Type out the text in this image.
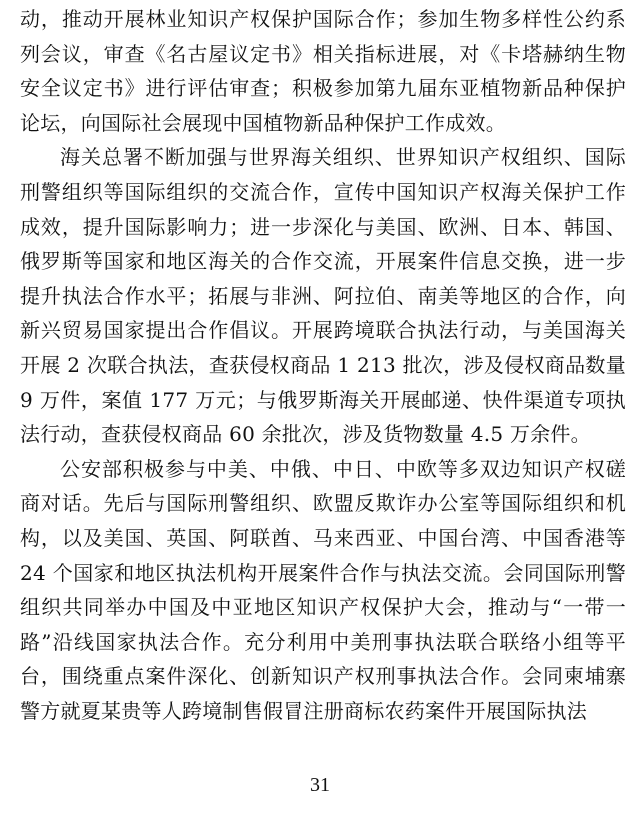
动，推动开展林业知识产权保护国际合作；参加生物多样性公约系列会议，审查《名古屋议定书》相关指标进展，对《卡塔赫纳生物安全议定书》进行评估审查；积极参加第九届东亚植物新品种保护论坛，向国际社会展现中国植物新品种保护工作成效。

海关总署不断加强与世界海关组织、世界知识产权组织、国际刑警组织等国际组织的交流合作，宣传中国知识产权海关保护工作成效，提升国际影响力；进一步深化与美国、欧洲、日本、韩国、俄罗斯等国家和地区海关的合作交流，开展案件信息交换，进一步提升执法合作水平；拓展与非洲、阿拉伯、南美等地区的合作，向新兴贸易国家提出合作倡议。开展跨境联合执法行动，与美国海关开展 2 次联合执法，查获侵权商品 1 213 批次，涉及侵权商品数量 9 万件，案值 177 万元；与俄罗斯海关开展邮递、快件渠道专项执法行动，查获侵权商品 60 余批次，涉及货物数量 4.5 万余件。

公安部积极参与中美、中俄、中日、中欧等多双边知识产权磋商对话。先后与国际刑警组织、欧盟反欺诈办公室等国际组织和机构，以及美国、英国、阿联酋、马来西亚、中国台湾、中国香港等 24 个国家和地区执法机构开展案件合作与执法交流。会同国际刑警组织共同举办中国及中亚地区知识产权保护大会，推动与“一带一路”沿线国家执法合作。充分利用中美刑事执法联合联络小组等平台，围绕重点案件深化、创新知识产权刑事执法合作。会同柬埔寨警方就夏某贵等人跨境制售假冒注册商标农药案件开展国际执法

31
